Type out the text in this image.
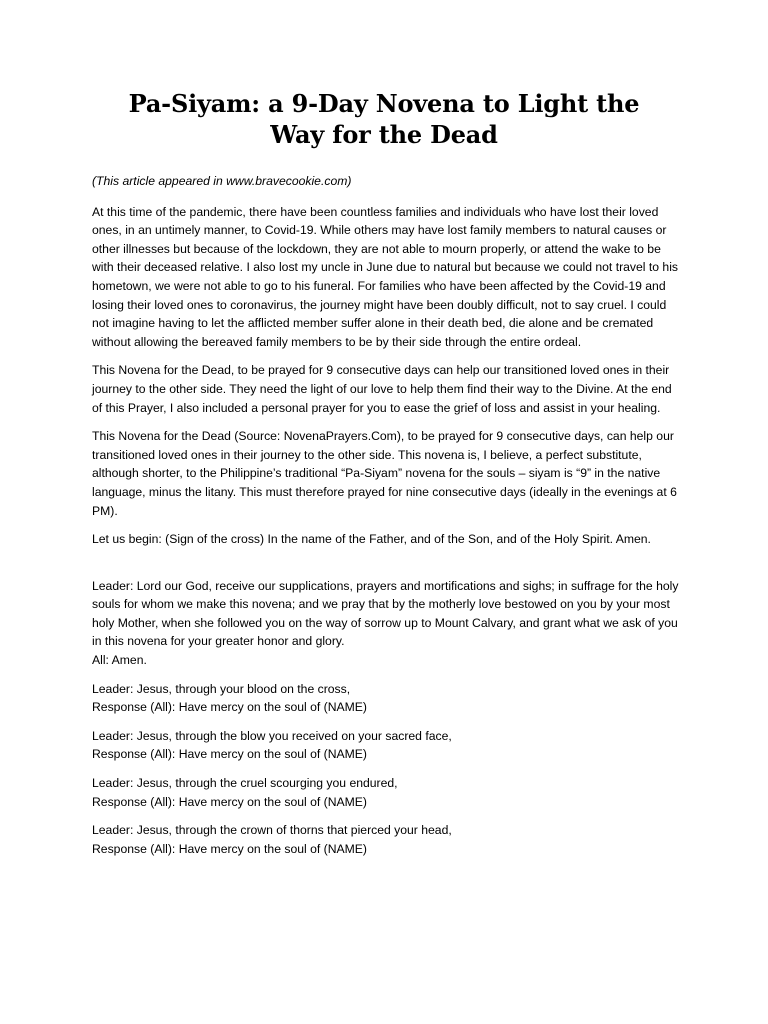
Pa-Siyam: a 9-Day Novena to Light the
Way for the Dead

(This article appeared in www.bravecookie.com)

At this time of the pandemic, there have been countless families and individuals who have lost their loved ones, in an untimely manner, to Covid-19. While others may have lost family members to natural causes or other illnesses but because of the lockdown, they are not able to mourn properly, or attend the wake to be with their deceased relative. I also lost my uncle in June due to natural but because we could not travel to his hometown, we were not able to go to his funeral. For families who have been affected by the Covid-19 and losing their loved ones to coronavirus, the journey might have been doubly difficult, not to say cruel. I could not imagine having to let the afflicted member suffer alone in their death bed, die alone and be cremated without allowing the bereaved family members to be by their side through the entire ordeal.

This Novena for the Dead, to be prayed for 9 consecutive days can help our transitioned loved ones in their journey to the other side. They need the light of our love to help them find their way to the Divine. At the end of this Prayer, I also included a personal prayer for you to ease the grief of loss and assist in your healing.

This Novena for the Dead (Source: NovenaPrayers.Com), to be prayed for 9 consecutive days, can help our transitioned loved ones in their journey to the other side. This novena is, I believe, a perfect substitute, although shorter, to the Philippine’s traditional “Pa-Siyam” novena for the souls – siyam is “9” in the native language, minus the litany. This must therefore prayed for nine consecutive days (ideally in the evenings at 6 PM).

Let us begin: (Sign of the cross) In the name of the Father, and of the Son, and of the Holy Spirit. Amen.

Leader: Lord our God, receive our supplications, prayers and mortifications and sighs; in suffrage for the holy souls for whom we make this novena; and we pray that by the motherly love bestowed on you by your most holy Mother, when she followed you on the way of sorrow up to Mount Calvary, and grant what we ask of you in this novena for your greater honor and glory.
All: Amen.

Leader: Jesus, through your blood on the cross,
Response (All): Have mercy on the soul of (NAME)

Leader: Jesus, through the blow you received on your sacred face,
Response (All): Have mercy on the soul of (NAME)

Leader: Jesus, through the cruel scourging you endured,
Response (All): Have mercy on the soul of (NAME)

Leader: Jesus, through the crown of thorns that pierced your head,
Response (All): Have mercy on the soul of (NAME)
